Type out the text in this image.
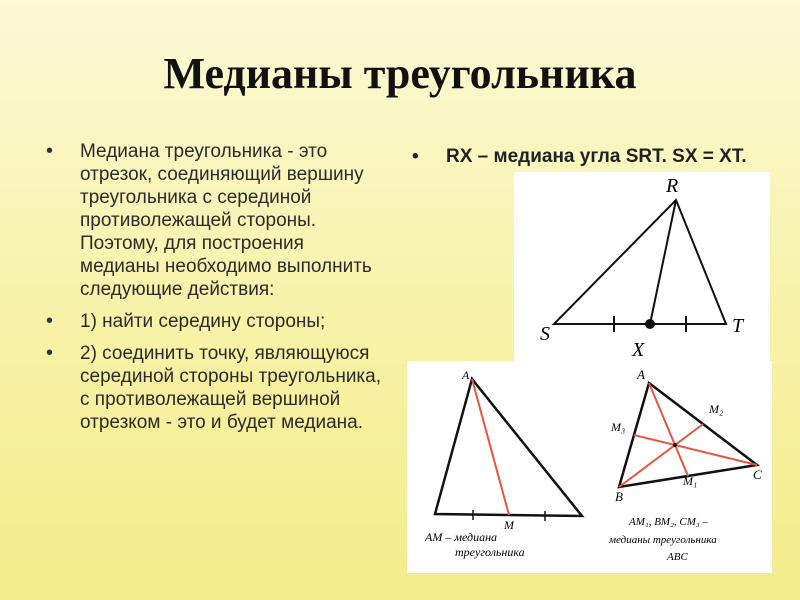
Медианы треугольника
• Медиана треугольника - это отрезок, соединяющий вершину треугольника с серединой противолежащей стороны. Поэтому, для построения медианы необходимо выполнить следующие действия:
• 1) найти середину стороны;
• 2) соединить точку, являющуюся серединой стороны треугольника, с противолежащей вершиной отрезком - это и будет медиана.
• RX – медиана угла SRT. SX = XT.
R
S	T
X
A
M
AM – медиана
треугольника
A
B
C
M₂
M₃
M₁
AM₁, BM₂, CM₃ –
медианы треугольника
ABC
